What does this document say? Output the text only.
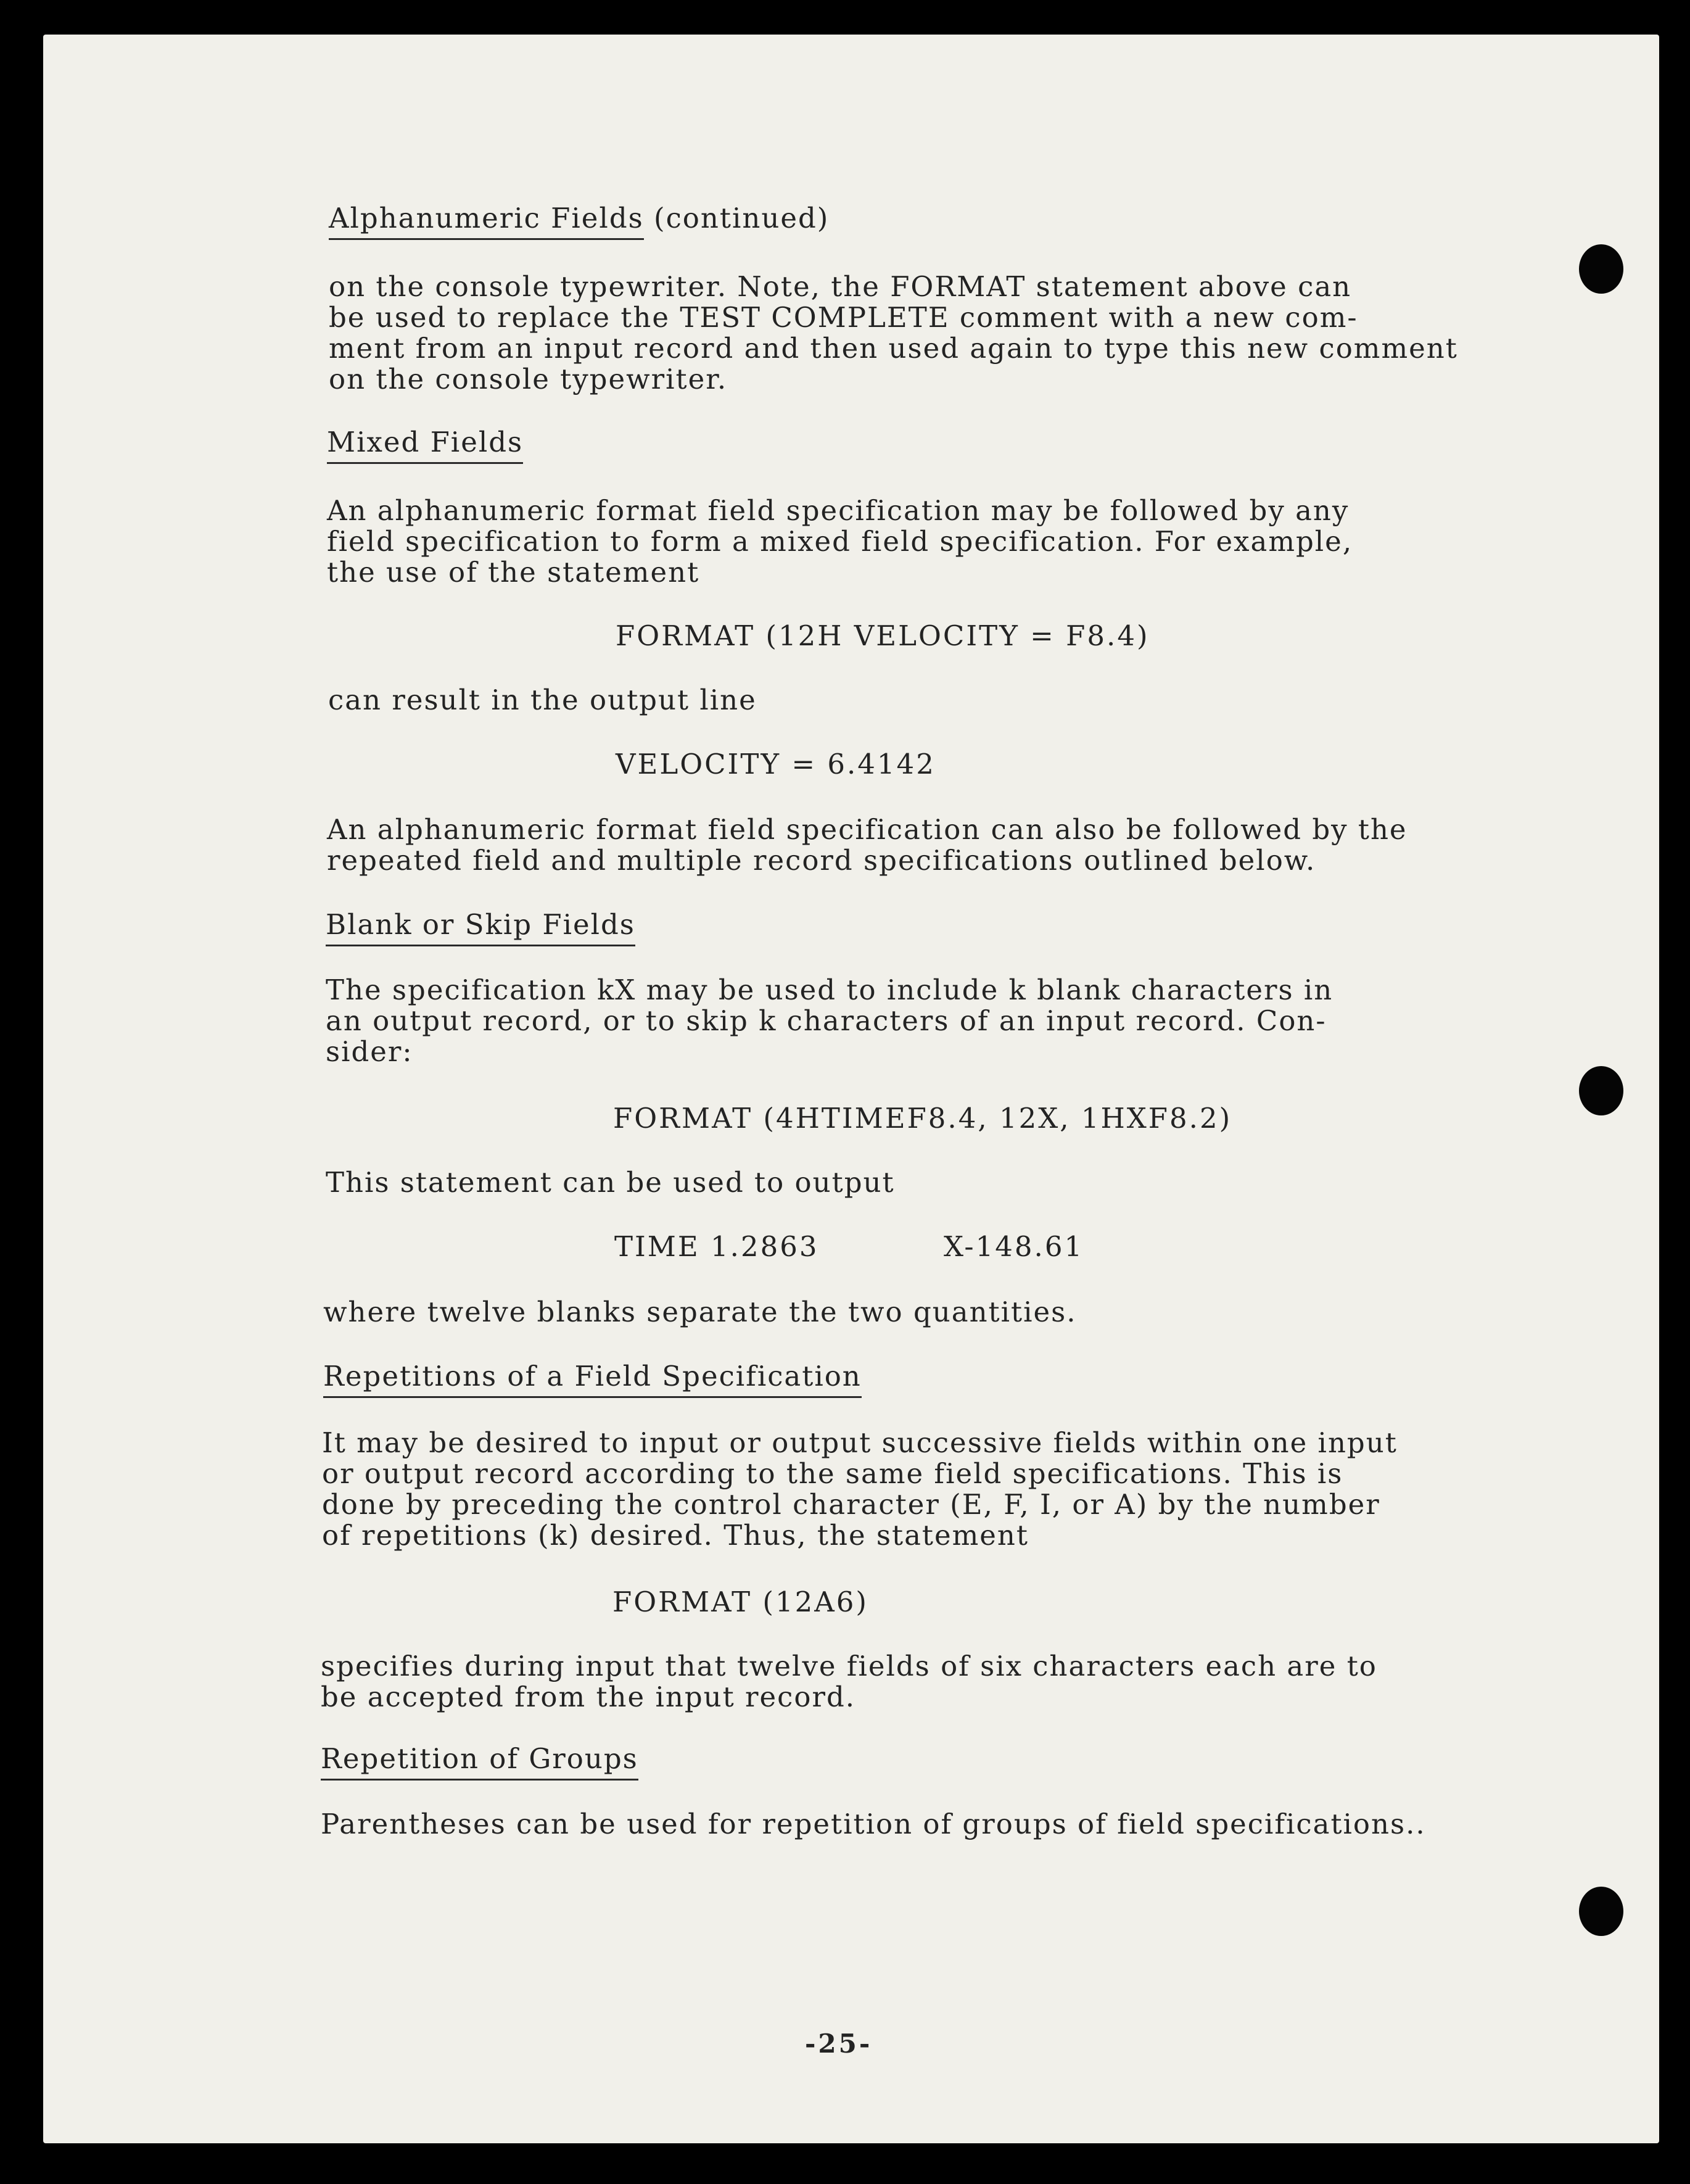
Alphanumeric Fields (continued)
on the console typewriter. Note, the FORMAT statement above can
be used to replace the TEST COMPLETE comment with a new com-
ment from an input record and then used again to type this new comment
on the console typewriter.
Mixed Fields
An alphanumeric format field specification may be followed by any
field specification to form a mixed field specification. For example,
the use of the statement
FORMAT (12H VELOCITY = F8.4)
can result in the output line
VELOCITY = 6.4142
An alphanumeric format field specification can also be followed by the
repeated field and multiple record specifications outlined below.
Blank or Skip Fields
The specification kX may be used to include k blank characters in
an output record, or to skip k characters of an input record. Con-
sider:
FORMAT (4HTIMEF8.4, 12X, 1HXF8.2)
This statement can be used to output
TIME 1.2863	X-148.61
where twelve blanks separate the two quantities.
Repetitions of a Field Specification
It may be desired to input or output successive fields within one input
or output record according to the same field specifications. This is
done by preceding the control character (E, F, I, or A) by the number
of repetitions (k) desired. Thus, the statement
FORMAT (12A6)
specifies during input that twelve fields of six characters each are to
be accepted from the input record.
Repetition of Groups
Parentheses can be used for repetition of groups of field specifications..
-25-
